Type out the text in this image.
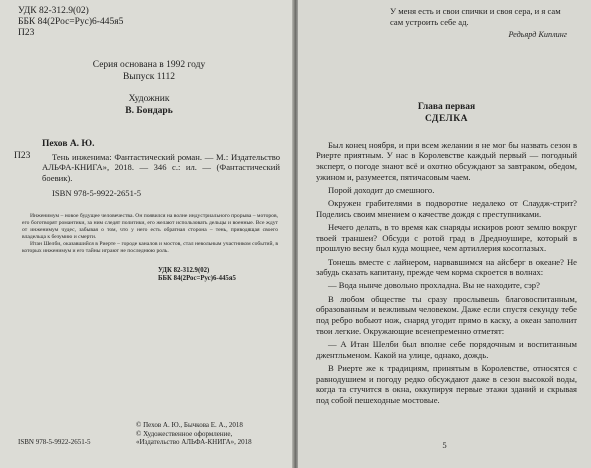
УДК 82-312.9(02)
ББК 84(2Рос=Рус)6-445я5
П23
Серия основана в 1992 году
Выпуск 1112
Художник
В. Бондарь
Пехов А. Ю.
П23	Тень инженима: Фантастический роман. — М.: Издательство АЛЬФА-КНИГА», 2018. — 346 с.: ил. — (Фантастический боевик).
ISBN 978-5-9922-2651-5

Инженимум – новое будущее человечества. Он появился на волне индустриального прорыва – моторов, его боготворят романтики, за ним следят политики, его желают использовать дельцы и военные. Все ждут от инженимум чудес, забывая о том, что у него есть обратная сторона – тень, приводящая своего владельца к безумию и смерти.

Итан Шелби, оказавшийся в Риерте – городе каналов и мостов, стал невольным участником событий, в которых инженимум и его тайны играют не последнюю роль.

УДК 82-312.9(02)
ББК 84(2Рос=Рус)6-445я5
© Пехов А. Ю., Бычкова Е. А., 2018
© Художественное оформление,
«Издательство АЛЬФА-КНИГА», 2018
ISBN 978-5-9922-2651-5
У меня есть и свои спички и своя сера, и я сам
сам устроить себе ад.
Редьярд Киплинг
Глава первая
СДЕЛКА

Был конец ноября, и при всем желании я не мог бы назвать сезон в Риерте приятным. У нас в Королевстве каждый первый — погодный эксперт, о погоде знают всё и охотно обсуждают за завтраком, обедом, ужином и, разумеется, пятичасовым чаем.

Порой доходит до смешного.

Окружен грабителями в подворотне недалеко от Слаудж-стрит? Поделись своим мнением о качестве дождя с преступниками.

Нечего делать, в то время как снаряды искиров роют землю вокруг твоей траншеи? Обсуди с ротой град в Дредноушире, который в прошлую весну был куда мощнее, чем артиллерия косоглазых.

Тонешь вместе с лайнером, нарвавшимся на айсберг в океане? Не забудь сказать капитану, прежде чем корма скроется в волнах:

— Вода нынче довольно прохладна. Вы не находите, сэр?

В любом обществе ты сразу прослывешь благовоспитанным, образованным и вежливым человеком. Даже если спустя секунду тебе под ребро вобьют нож, снаряд угодит прямо в каску, а океан заполнит твои легкие. Окружающие всенепременно отметят:

— А Итан Шелби был вполне себе порядочным и воспитанным джентльменом. Какой на улице, однако, дождь.

В Риерте же к традициям, принятым в Королевстве, относятся с равнодушием и погоду редко обсуждают даже в сезон высокой воды, когда та стучится в окна, оккупируя первые этажи зданий и скрывая под собой пешеходные мостовые.

5
